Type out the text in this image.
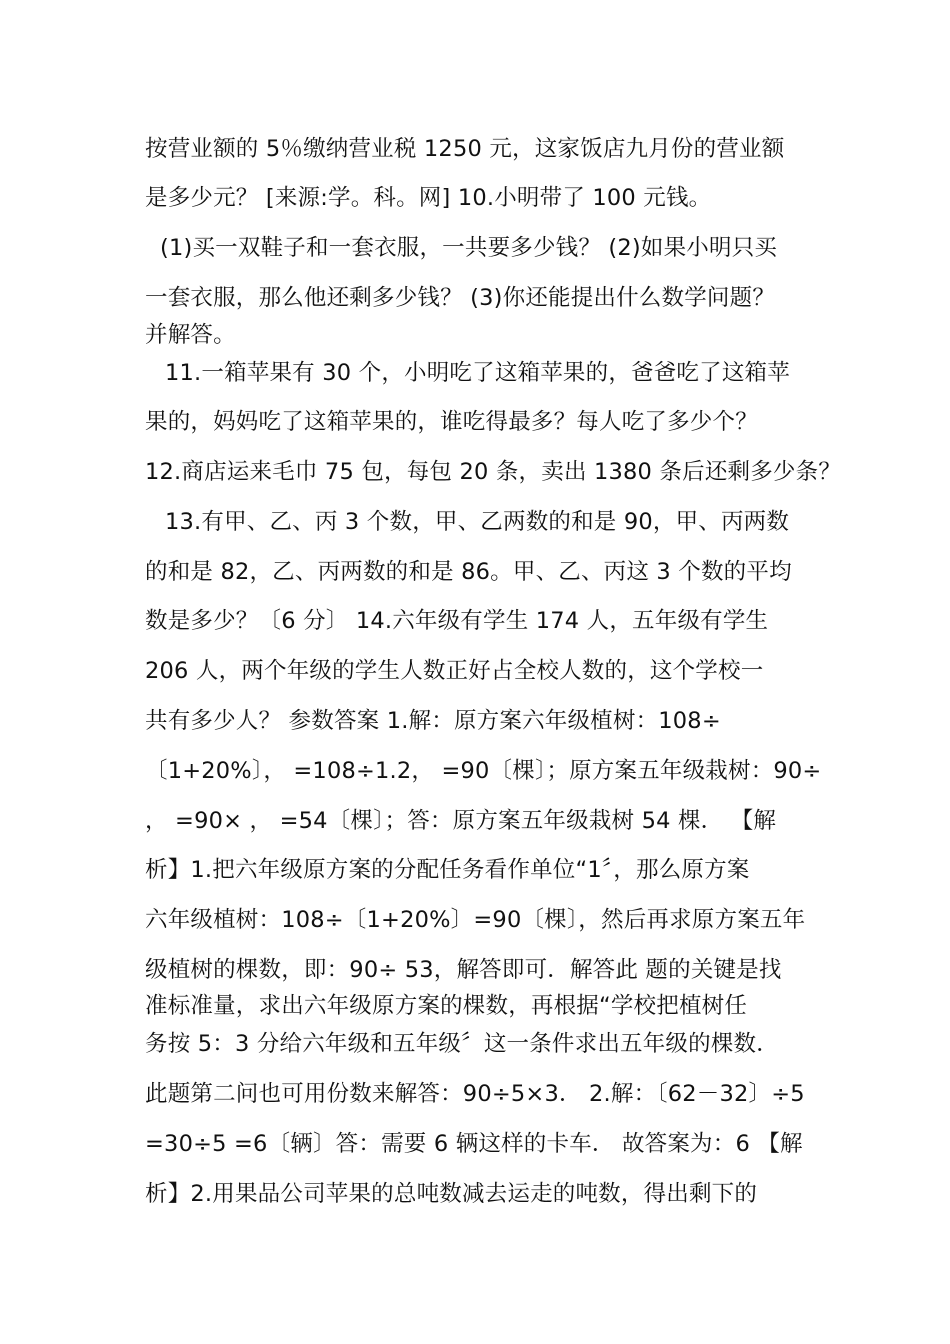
按营业额的 5％缴纳营业税 1250 元，这家饭店九月份的营业额
是多少元？ [来源:学。科。网] 10.小明带了 100 元钱。
(1)买一双鞋子和一套衣服，一共要多少钱？ (2)如果小明只买
一套衣服，那么他还剩多少钱？ (3)你还能提出什么数学问题？
并解答。
11.一箱苹果有 30 个，小明吃了这箱苹果的，爸爸吃了这箱苹
果的，妈妈吃了这箱苹果的，谁吃得最多？每人吃了多少个？
12.商店运来毛巾 75 包，每包 20 条，卖出 1380 条后还剩多少条？
13.有甲、乙、丙 3 个数，甲、乙两数的和是 90，甲、丙两数
的和是 82，乙、丙两数的和是 86。甲、乙、丙这 3 个数的平均
数是多少？〔6 分〕 14.六年级有学生 174 人，五年级有学生
206 人，两个年级的学生人数正好占全校人数的，这个学校一
共有多少人？ 参数答案 1.解：原方案六年级植树：108÷
〔1+20%〕， =108÷1.2， =90〔棵〕；原方案五年级栽树：90÷
， =90× ， =54〔棵〕；答：原方案五年级栽树 54 棵． 【解
析】1.把六年级原方案的分配任务看作单位“1〞，那么原方案
六年级植树：108÷〔1+20%〕=90〔棵〕，然后再求原方案五年
级植树的棵数，即：90÷ 53，解答即可．解答此 题的关键是找
准标准量，求出六年级原方案的棵数，再根据“学校把植树任
务按 5：3 分给六年级和五年级〞这一条件求出五年级的棵数．
此题第二问也可用份数来解答：90÷5×3． 2.解：〔62－32〕÷5
=30÷5 =6〔辆〕答：需要 6 辆这样的卡车． 故答案为：6 【解
析】2.用果品公司苹果的总吨数减去运走的吨数，得出剩下的
